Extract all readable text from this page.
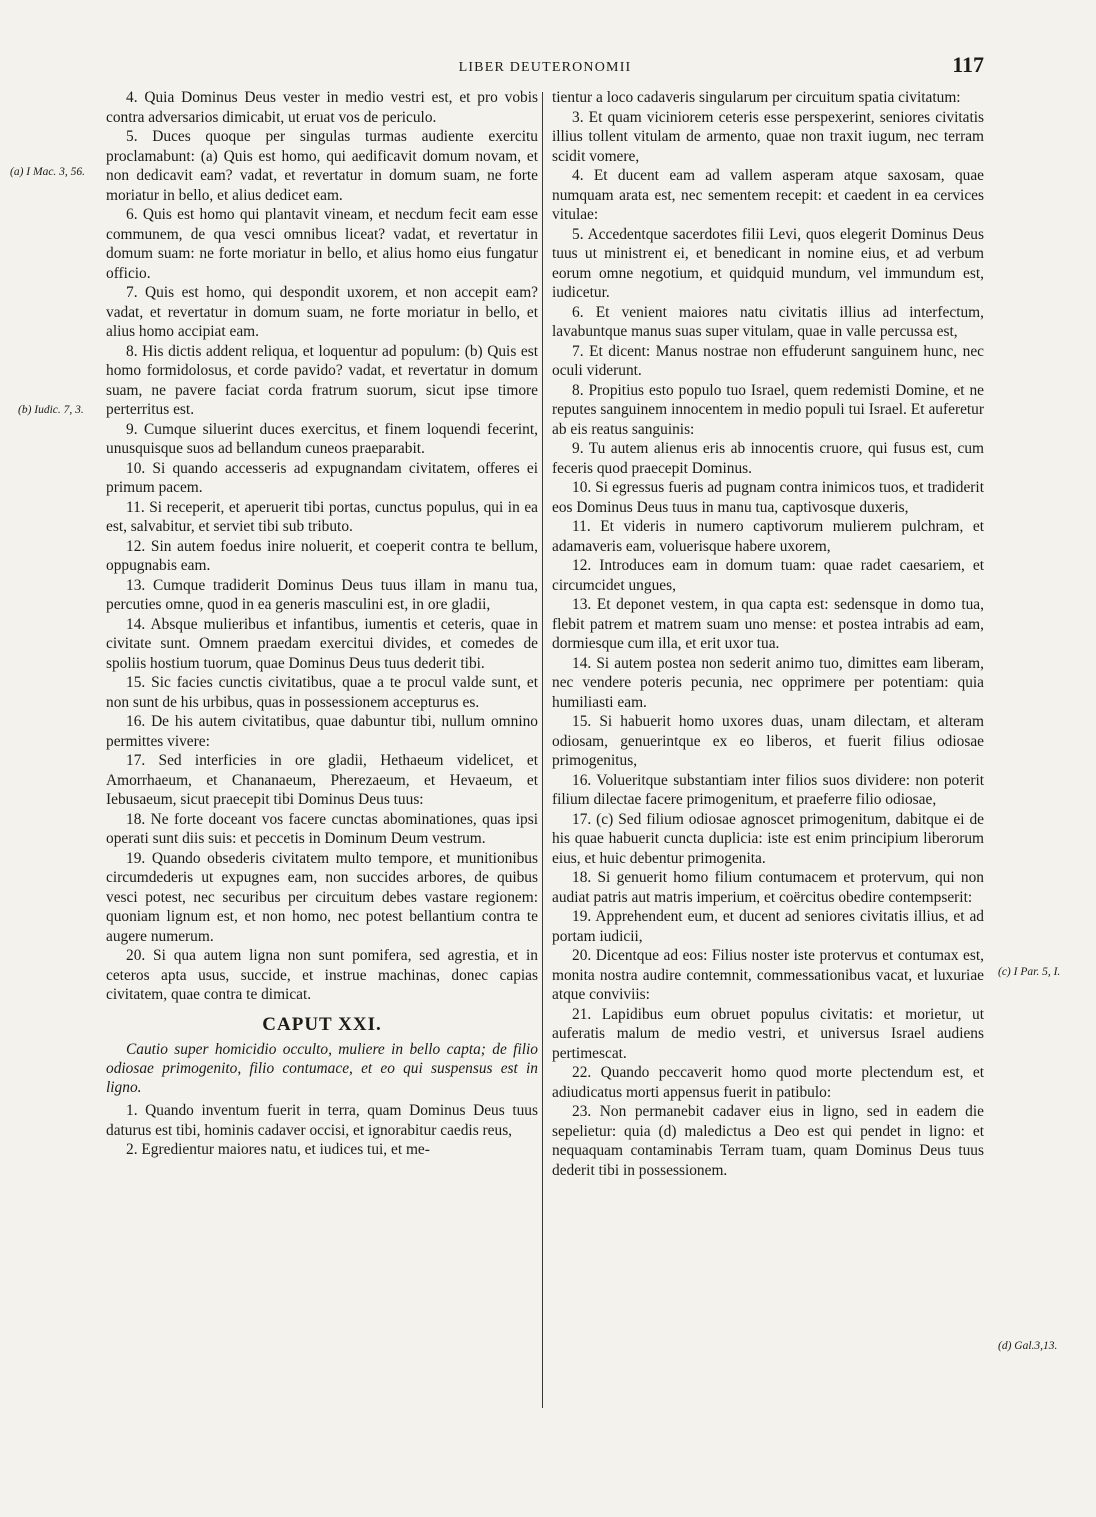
LIBER DEUTERONOMII	117
(a) I Mac. 3, 56.
(b) Iudic. 7, 3.
(c) I Par. 5, I.
(d) Gal.3,13.

4. Quia Dominus Deus vester in medio vestri est, et pro vobis contra adversarios dimicabit, ut eruat vos de periculo.

5. Duces quoque per singulas turmas audiente exercitu proclamabunt: (a) Quis est homo, qui aedificavit domum novam, et non dedicavit eam? vadat, et revertatur in domum suam, ne forte moriatur in bello, et alius dedicet eam.

6. Quis est homo qui plantavit vineam, et necdum fecit eam esse communem, de qua vesci omnibus liceat? vadat, et revertatur in domum suam: ne forte moriatur in bello, et alius homo eius fungatur officio.

7. Quis est homo, qui despondit uxorem, et non accepit eam? vadat, et revertatur in domum suam, ne forte moriatur in bello, et alius homo accipiat eam.

8. His dictis addent reliqua, et loquentur ad populum: (b) Quis est homo formidolosus, et corde pavido? vadat, et revertatur in domum suam, ne pavere faciat corda fratrum suorum, sicut ipse timore perterritus est.

9. Cumque siluerint duces exercitus, et finem loquendi fecerint, unusquisque suos ad bellandum cuneos praeparabit.

10. Si quando accesseris ad expugnandam civitatem, offeres ei primum pacem.

11. Si receperit, et aperuerit tibi portas, cunctus populus, qui in ea est, salvabitur, et serviet tibi sub tributo.

12. Sin autem foedus inire noluerit, et coeperit contra te bellum, oppugnabis eam.

13. Cumque tradiderit Dominus Deus tuus illam in manu tua, percuties omne, quod in ea generis masculini est, in ore gladii,

14. Absque mulieribus et infantibus, iumentis et ceteris, quae in civitate sunt. Omnem praedam exercitui divides, et comedes de spoliis hostium tuorum, quae Dominus Deus tuus dederit tibi.

15. Sic facies cunctis civitatibus, quae a te procul valde sunt, et non sunt de his urbibus, quas in possessionem accepturus es.

16. De his autem civitatibus, quae dabuntur tibi, nullum omnino permittes vivere:

17. Sed interficies in ore gladii, Hethaeum videlicet, et Amorrhaeum, et Chananaeum, Pherezaeum, et Hevaeum, et Iebusaeum, sicut praecepit tibi Dominus Deus tuus:

18. Ne forte doceant vos facere cunctas abominationes, quas ipsi operati sunt diis suis: et peccetis in Dominum Deum vestrum.

19. Quando obsederis civitatem multo tempore, et munitionibus circumdederis ut expugnes eam, non succides arbores, de quibus vesci potest, nec securibus per circuitum debes vastare regionem: quoniam lignum est, et non homo, nec potest bellantium contra te augere numerum.

20. Si qua autem ligna non sunt pomifera, sed agrestia, et in ceteros apta usus, succide, et instrue machinas, donec capias civitatem, quae contra te dimicat.

CAPUT XXI.

Cautio super homicidio occulto, muliere in bello capta; de filio odiosae primogenito, filio contumace, et eo qui suspensus est in ligno.

1. Quando inventum fuerit in terra, quam Dominus Deus tuus daturus est tibi, hominis cadaver occisi, et ignorabitur caedis reus,

2. Egredientur maiores natu, et iudices tui, et me-

tientur a loco cadaveris singularum per circuitum spatia civitatum:

3. Et quam viciniorem ceteris esse perspexerint, seniores civitatis illius tollent vitulam de armento, quae non traxit iugum, nec terram scidit vomere,

4. Et ducent eam ad vallem asperam atque saxosam, quae numquam arata est, nec sementem recepit: et caedent in ea cervices vitulae:

5. Accedentque sacerdotes filii Levi, quos elegerit Dominus Deus tuus ut ministrent ei, et benedicant in nomine eius, et ad verbum eorum omne negotium, et quidquid mundum, vel immundum est, iudicetur.

6. Et venient maiores natu civitatis illius ad interfectum, lavabuntque manus suas super vitulam, quae in valle percussa est,

7. Et dicent: Manus nostrae non effuderunt sanguinem hunc, nec oculi viderunt.

8. Propitius esto populo tuo Israel, quem redemisti Domine, et ne reputes sanguinem innocentem in medio populi tui Israel. Et auferetur ab eis reatus sanguinis:

9. Tu autem alienus eris ab innocentis cruore, qui fusus est, cum feceris quod praecepit Dominus.

10. Si egressus fueris ad pugnam contra inimicos tuos, et tradiderit eos Dominus Deus tuus in manu tua, captivosque duxeris,

11. Et videris in numero captivorum mulierem pulchram, et adamaveris eam, voluerisque habere uxorem,

12. Introduces eam in domum tuam: quae radet caesariem, et circumcidet ungues,

13. Et deponet vestem, in qua capta est: sedensque in domo tua, flebit patrem et matrem suam uno mense: et postea intrabis ad eam, dormiesque cum illa, et erit uxor tua.

14. Si autem postea non sederit animo tuo, dimittes eam liberam, nec vendere poteris pecunia, nec opprimere per potentiam: quia humiliasti eam.

15. Si habuerit homo uxores duas, unam dilectam, et alteram odiosam, genuerintque ex eo liberos, et fuerit filius odiosae primogenitus,

16. Volueritque substantiam inter filios suos dividere: non poterit filium dilectae facere primogenitum, et praeferre filio odiosae,

17. (c) Sed filium odiosae agnoscet primogenitum, dabitque ei de his quae habuerit cuncta duplicia: iste est enim principium liberorum eius, et huic debentur primogenita.

18. Si genuerit homo filium contumacem et protervum, qui non audiat patris aut matris imperium, et coërcitus obedire contempserit:

19. Apprehendent eum, et ducent ad seniores civitatis illius, et ad portam iudicii,

20. Dicentque ad eos: Filius noster iste protervus et contumax est, monita nostra audire contemnit, commessationibus vacat, et luxuriae atque conviviis:

21. Lapidibus eum obruet populus civitatis: et morietur, ut auferatis malum de medio vestri, et universus Israel audiens pertimescat.

22. Quando peccaverit homo quod morte plectendum est, et adiudicatus morti appensus fuerit in patibulo:

23. Non permanebit cadaver eius in ligno, sed in eadem die sepelietur: quia (d) maledictus a Deo est qui pendet in ligno: et nequaquam contaminabis Terram tuam, quam Dominus Deus tuus dederit tibi in possessionem.
